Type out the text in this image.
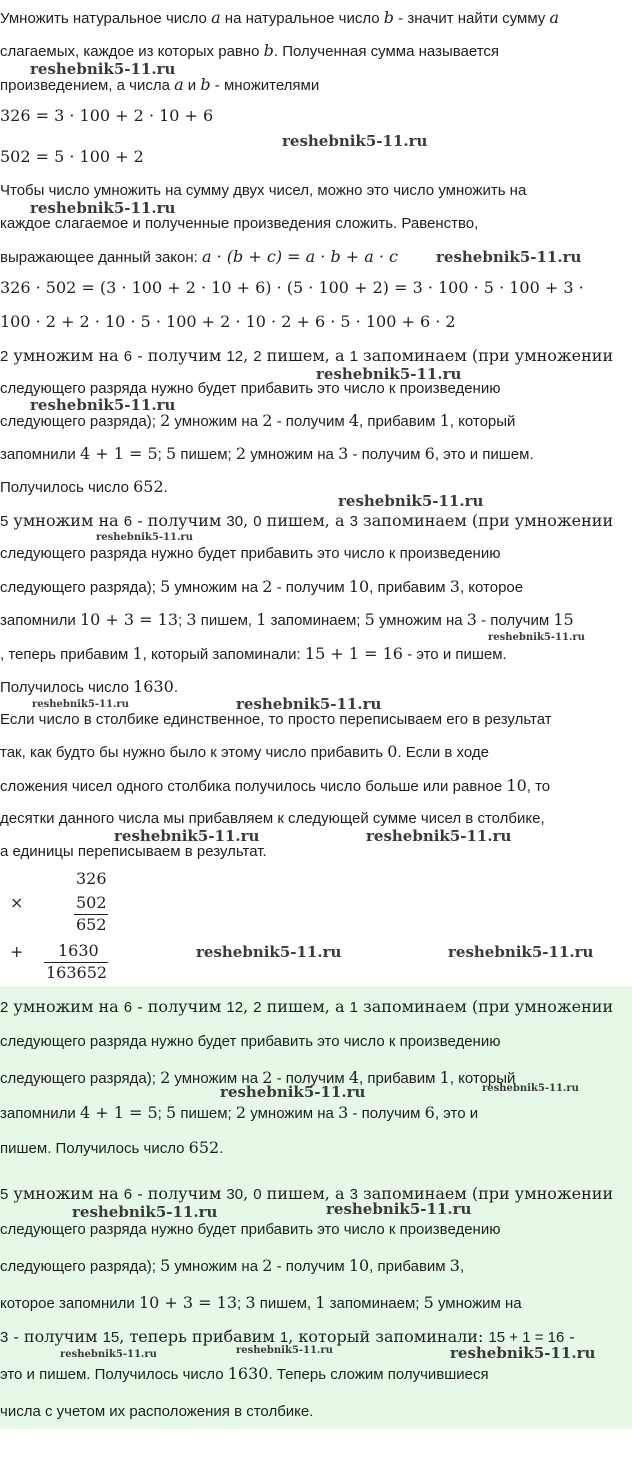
Умножить натуральное число a на натуральное число b - значит найти сумму a
слагаемых, каждое из которых равно b. Полученная сумма называется
произведением, а числа a и b - множителями
326 = 3 · 100 + 2 · 10 + 6
502 = 5 · 100 + 2
Чтобы число умножить на сумму двух чисел, можно это число умножить на
каждое слагаемое и полученные произведения сложить. Равенство,
выражающее данный закон: a · (b + c) = a · b + a · c
326 · 502 = (3 · 100 + 2 · 10 + 6) · (5 · 100 + 2) = 3 · 100 · 5 · 100 + 3 ·
100 · 2 + 2 · 10 · 5 · 100 + 2 · 10 · 2 + 6 · 5 · 100 + 6 · 2
2 умножим на 6 - получим 12, 2 пишем, а 1 запоминаем (при умножении
следующего разряда нужно будет прибавить это число к произведению
следующего разряда); 2 умножим на 2 - получим 4, прибавим 1, который
запомнили 4 + 1 = 5; 5 пишем; 2 умножим на 3 - получим 6, это и пишем.
Получилось число 652.
5 умножим на 6 - получим 30, 0 пишем, а 3 запоминаем (при умножении
следующего разряда нужно будет прибавить это число к произведению
следующего разряда); 5 умножим на 2 - получим 10, прибавим 3, которое
запомнили 10 + 3 = 13; 3 пишем, 1 запоминаем; 5 умножим на 3 - получим 15
, теперь прибавим 1, который запоминали: 15 + 1 = 16 - это и пишем.
Получилось число 1630.
Если число в столбике единственное, то просто переписываем его в результат
так, как будто бы нужно было к этому число прибавить 0. Если в ходе
сложения чисел одного столбика получилось число больше или равное 10, то
десятки данного числа мы прибавляем к следующей сумме чисел в столбике,
а единицы переписываем в результат.
326
×	502
652
+ 1630
163652
2 умножим на 6 - получим 12, 2 пишем, а 1 запоминаем (при умножении
следующего разряда нужно будет прибавить это число к произведению
следующего разряда); 2 умножим на 2 - получим 4, прибавим 1, который
запомнили 4 + 1 = 5; 5 пишем; 2 умножим на 3 - получим 6, это и
пишем. Получилось число 652.
5 умножим на 6 - получим 30, 0 пишем, а 3 запоминаем (при умножении
следующего разряда нужно будет прибавить это число к произведению
следующего разряда); 5 умножим на 2 - получим 10, прибавим 3,
которое запомнили 10 + 3 = 13; 3 пишем, 1 запоминаем; 5 умножим на
3 - получим 15, теперь прибавим 1, который запоминали: 15 + 1 = 16 -
это и пишем. Получилось число 1630. Теперь сложим получившиеся
числа с учетом их расположения в столбике.
reshebnik5-11.ru
reshebnik5-11.ru
reshebnik5-11.ru
reshebnik5-11.ru
reshebnik5-11.ru
reshebnik5-11.ru
reshebnik5-11.ru
reshebnik5-11.ru
reshebnik5-11.ru
reshebnik5-11.ru	reshebnik5-11.ru
reshebnik5-11.ru	reshebnik5-11.ru
reshebnik5-11.ru	reshebnik5-11.ru
reshebnik5-11.ru	reshebnik5-11.ru
reshebnik5-11.ru	reshebnik5-11.ru
reshebnik5-11.ru	reshebnik5-11.ru	reshebnik5-11.ru
